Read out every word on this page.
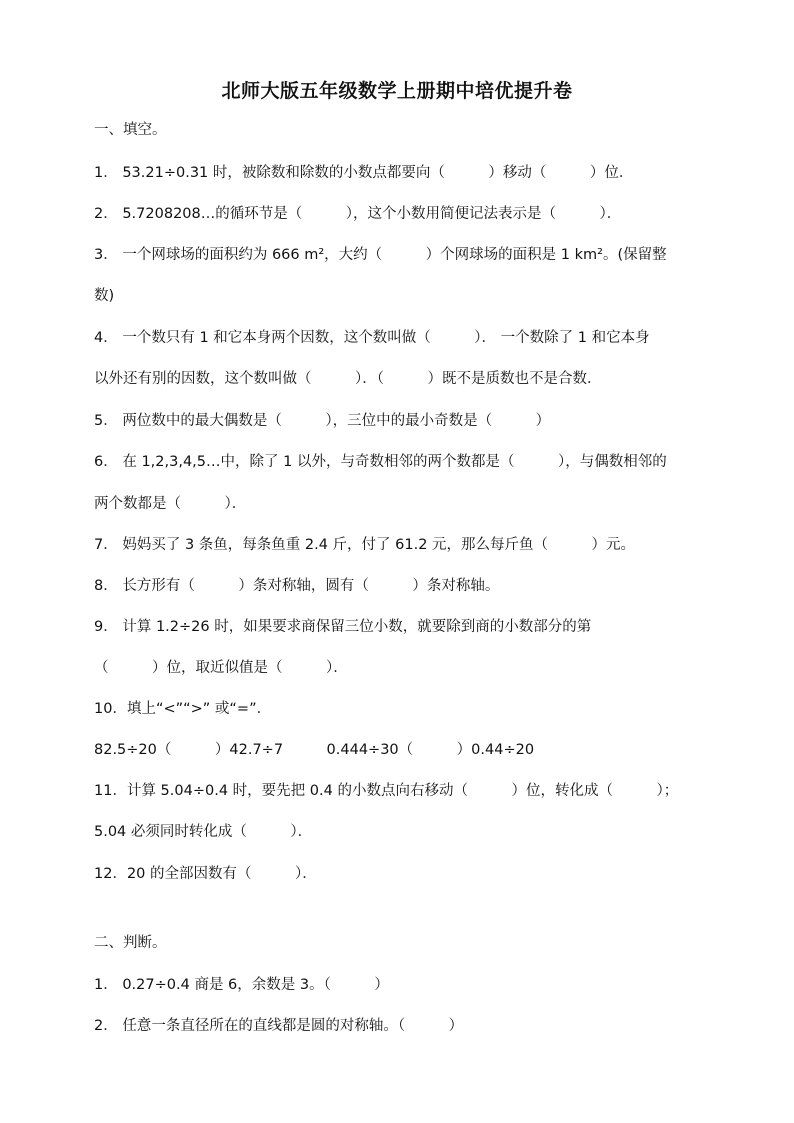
北师大版五年级数学上册期中培优提升卷
一、填空。
1． 53.21÷0.31 时，被除数和除数的小数点都要向（　　　）移动（　　　）位．
2． 5.7208208…的循环节是（　　　），这个小数用简便记法表示是（　　　）．
3． 一个网球场的面积约为 666 m²，大约（　　　）个网球场的面积是 1 km²。(保留整
数)
4． 一个数只有 1 和它本身两个因数，这个数叫做（　　　）． 一个数除了 1 和它本身
以外还有别的因数，这个数叫做（　　　）．（　　　）既不是质数也不是合数．
5． 两位数中的最大偶数是（　　　），三位中的最小奇数是（　　　）
6． 在 1,2,3,4,5…中，除了 1 以外，与奇数相邻的两个数都是（　　　），与偶数相邻的
两个数都是（　　　）．
7． 妈妈买了 3 条鱼，每条鱼重 2.4 斤，付了 61.2 元，那么每斤鱼（　　　）元。
8． 长方形有（　　　）条对称轴，圆有（　　　）条对称轴。
9． 计算 1.2÷26 时，如果要求商保留三位小数，就要除到商的小数部分的第
（　　　）位，取近似值是（　　　）．
10．填上“<”“>” 或“=”．
82.5÷20（　　　）42.7÷7　　　0.444÷30（　　　）0.44÷20
11．计算 5.04÷0.4 时，要先把 0.4 的小数点向右移动（　　　）位，转化成（　　　）；
5.04 必须同时转化成（　　　）．
12．20 的全部因数有（　　　）．
二、判断。
1． 0.27÷0.4 商是 6，余数是 3。（　　　）
2． 任意一条直径所在的直线都是圆的对称轴。（　　　）
